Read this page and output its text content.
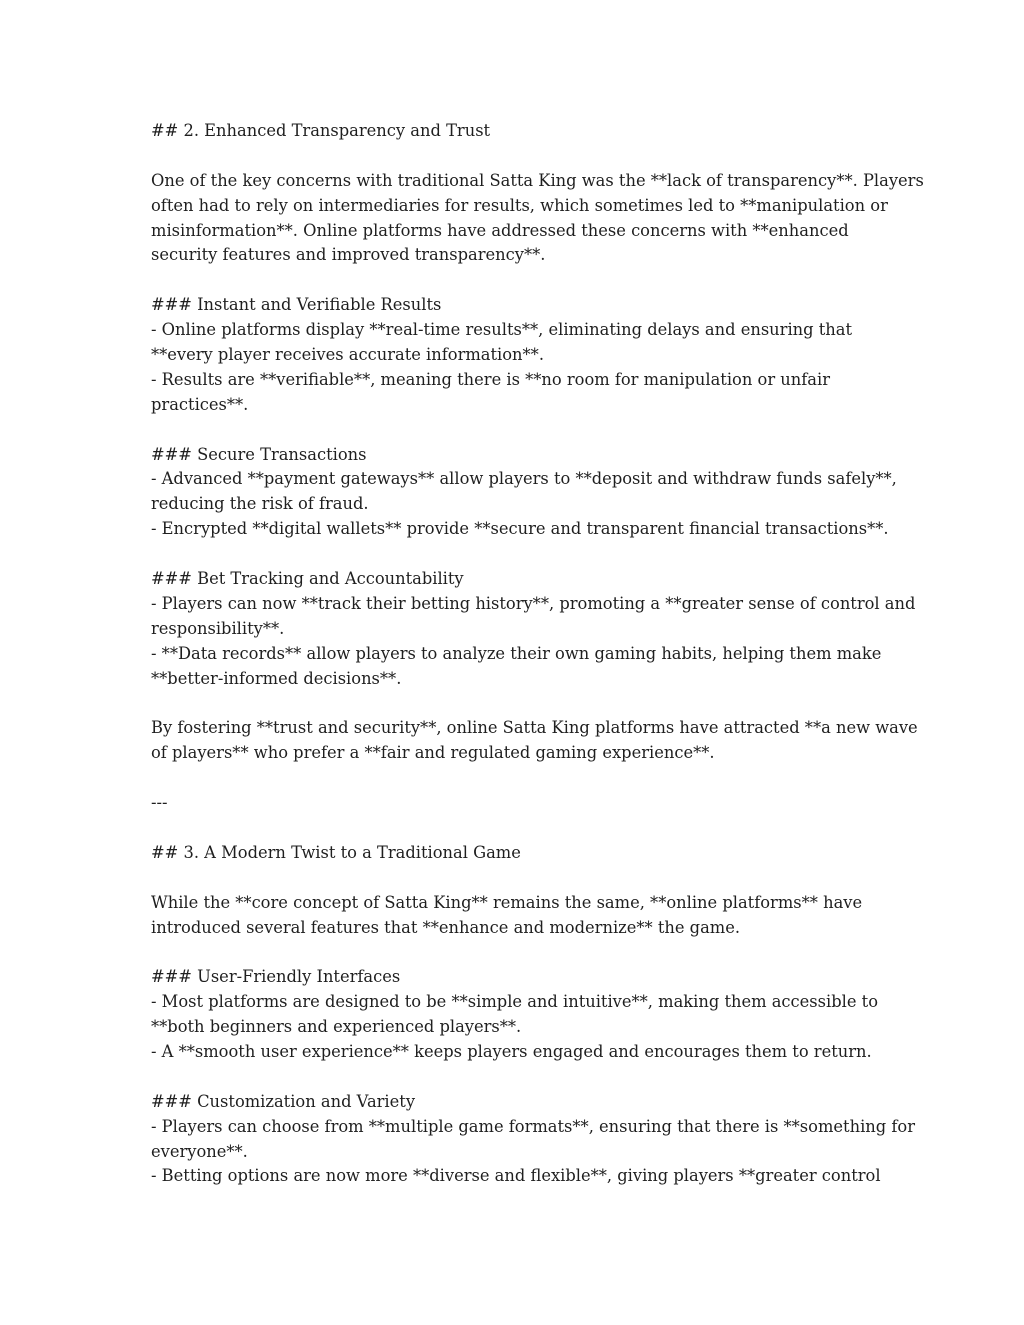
## 2. Enhanced Transparency and Trust
One of the key concerns with traditional Satta King was the **lack of transparency**. Players
often had to rely on intermediaries for results, which sometimes led to **manipulation or
misinformation**. Online platforms have addressed these concerns with **enhanced
security features and improved transparency**.
### Instant and Verifiable Results
- Online platforms display **real-time results**, eliminating delays and ensuring that
**every player receives accurate information**.
- Results are **verifiable**, meaning there is **no room for manipulation or unfair
practices**.
### Secure Transactions
- Advanced **payment gateways** allow players to **deposit and withdraw funds safely**,
reducing the risk of fraud.
- Encrypted **digital wallets** provide **secure and transparent financial transactions**.
### Bet Tracking and Accountability
- Players can now **track their betting history**, promoting a **greater sense of control and
responsibility**.
- **Data records** allow players to analyze their own gaming habits, helping them make
**better-informed decisions**.
By fostering **trust and security**, online Satta King platforms have attracted **a new wave
of players** who prefer a **fair and regulated gaming experience**.
---
## 3. A Modern Twist to a Traditional Game
While the **core concept of Satta King** remains the same, **online platforms** have
introduced several features that **enhance and modernize** the game.
### User-Friendly Interfaces
- Most platforms are designed to be **simple and intuitive**, making them accessible to
**both beginners and experienced players**.
- A **smooth user experience** keeps players engaged and encourages them to return.
### Customization and Variety
- Players can choose from **multiple game formats**, ensuring that there is **something for
everyone**.
- Betting options are now more **diverse and flexible**, giving players **greater control
